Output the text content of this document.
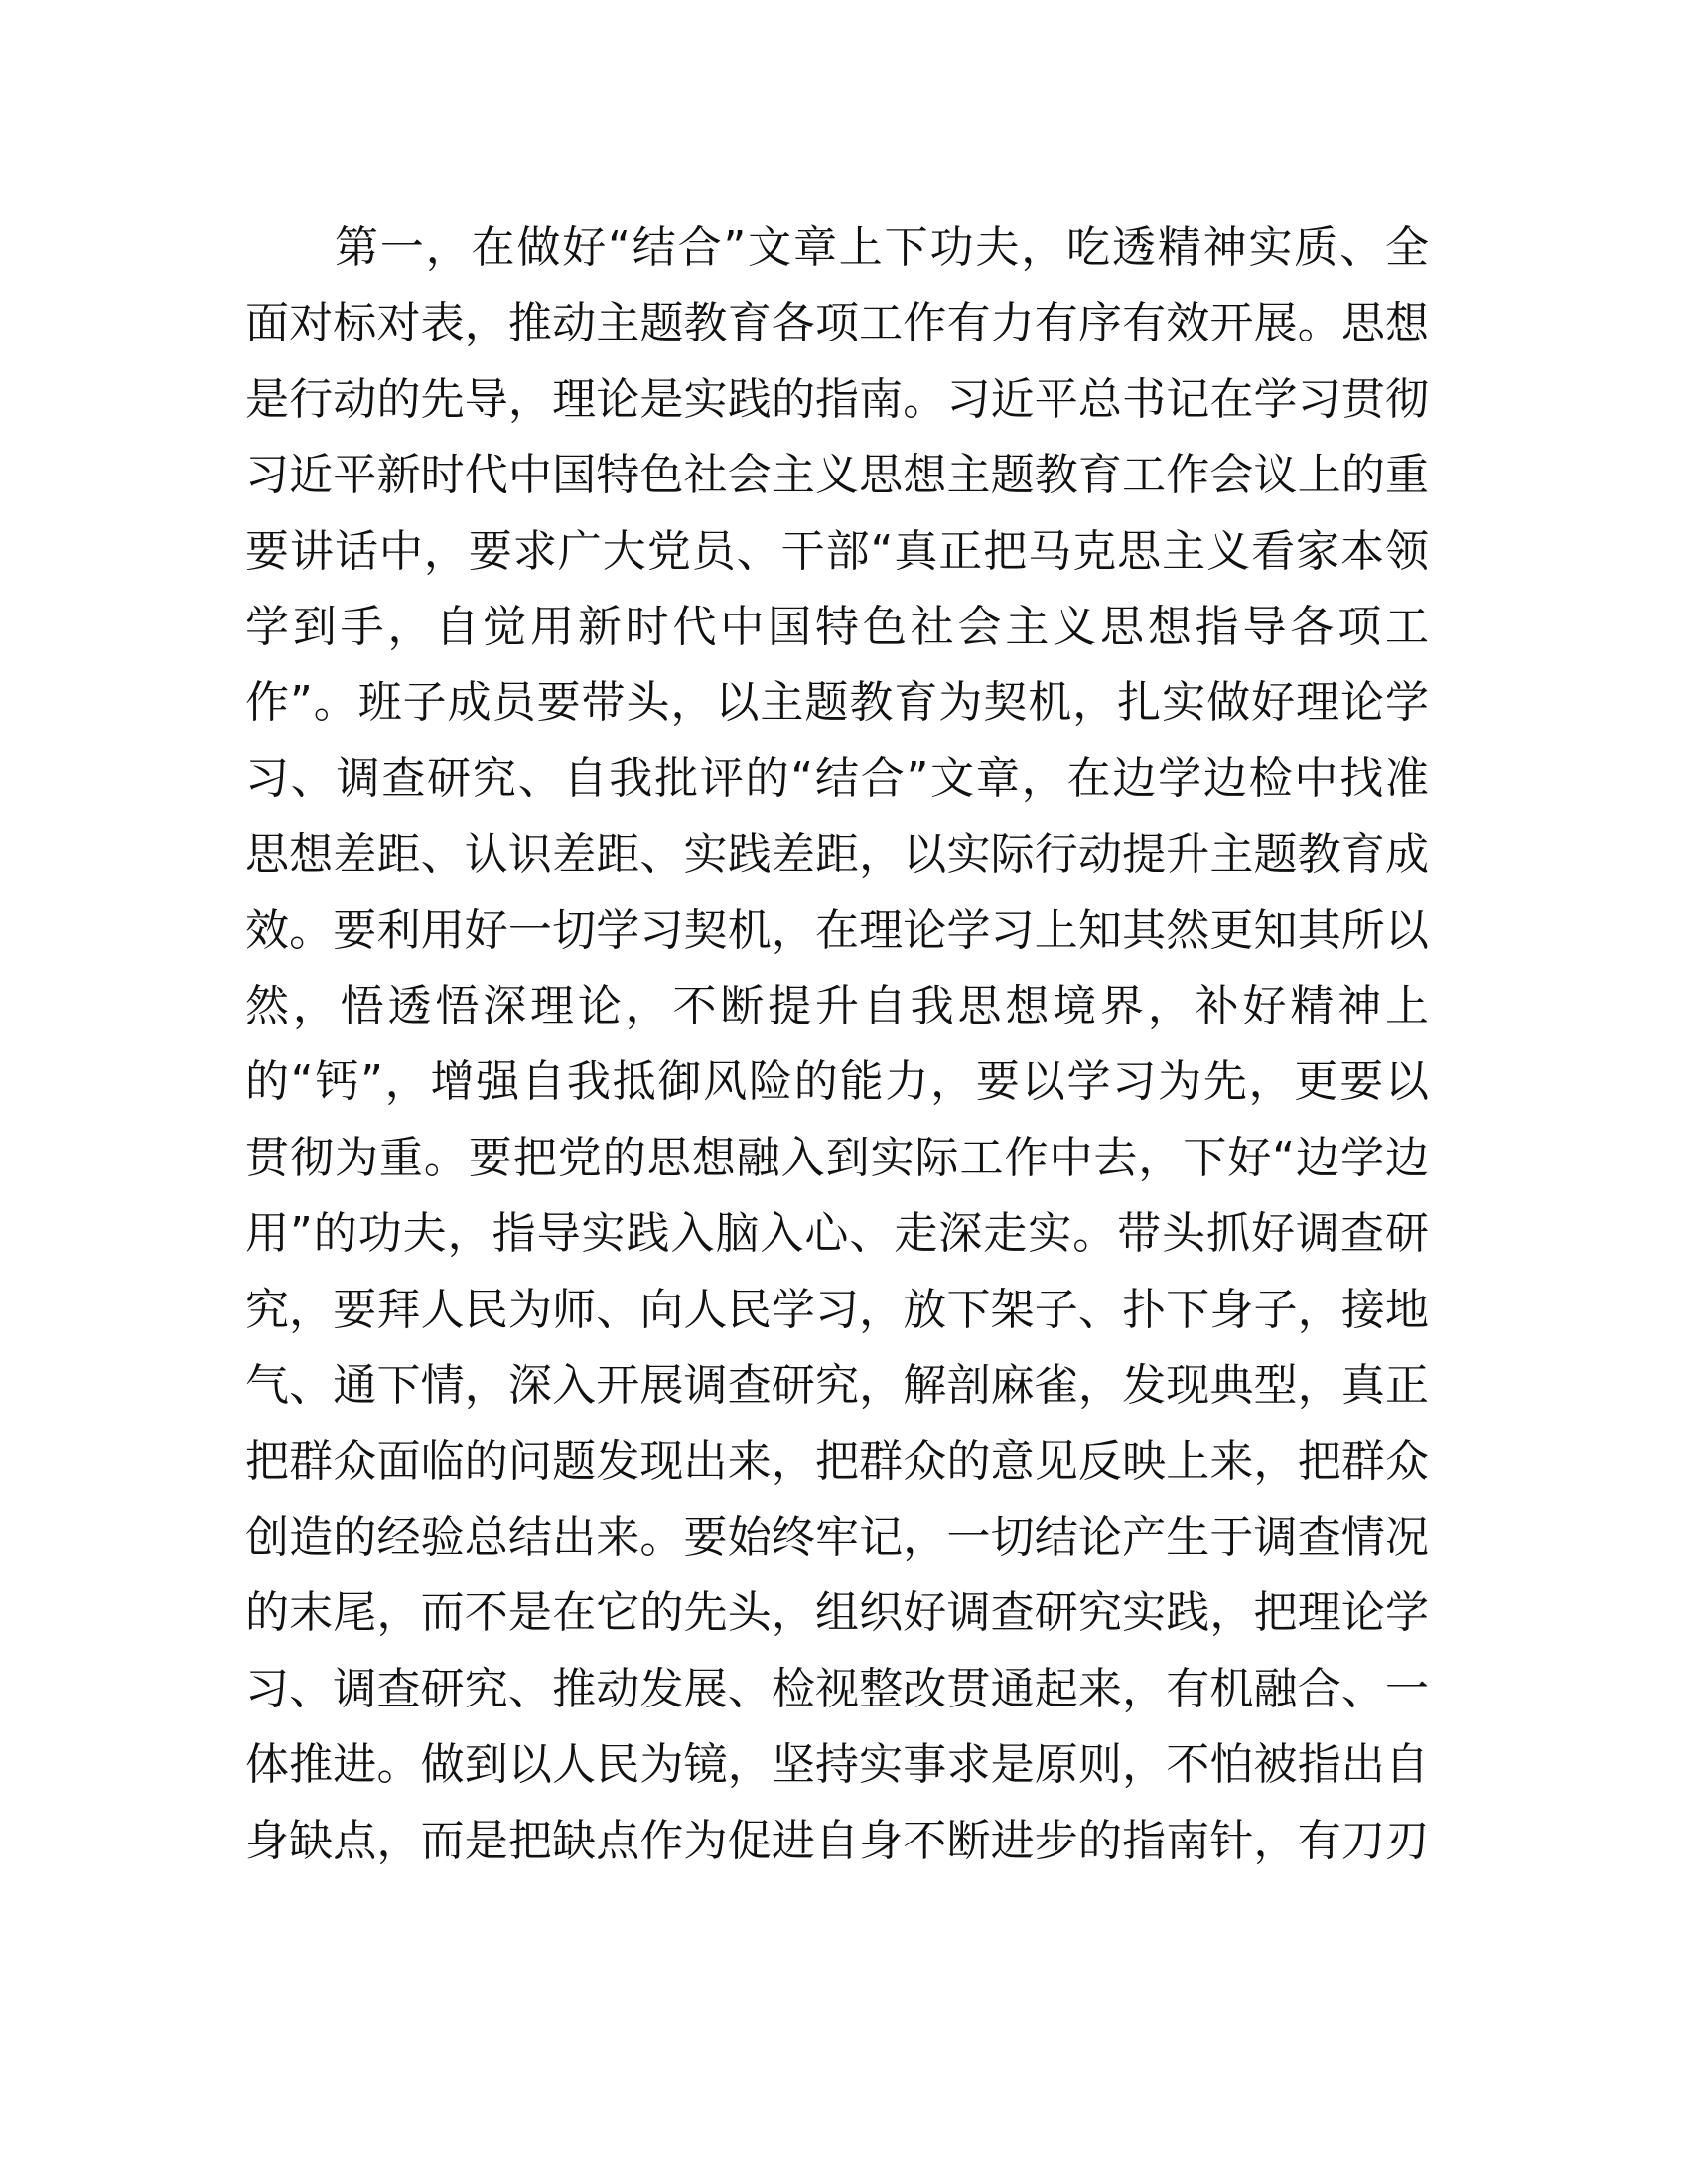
第一，在做好“结合”文章上下功夫，吃透精神实质、全
面对标对表，推动主题教育各项工作有力有序有效开展。思想
是行动的先导，理论是实践的指南。习近平总书记在学习贯彻
习近平新时代中国特色社会主义思想主题教育工作会议上的重
要讲话中，要求广大党员、干部“真正把马克思主义看家本领
学到手，自觉用新时代中国特色社会主义思想指导各项工
作”。班子成员要带头，以主题教育为契机，扎实做好理论学
习、调查研究、自我批评的“结合”文章，在边学边检中找准
思想差距、认识差距、实践差距，以实际行动提升主题教育成
效。要利用好一切学习契机，在理论学习上知其然更知其所以
然，悟透悟深理论，不断提升自我思想境界，补好精神上
的“钙”，增强自我抵御风险的能力，要以学习为先，更要以
贯彻为重。要把党的思想融入到实际工作中去，下好“边学边
用”的功夫，指导实践入脑入心、走深走实。带头抓好调查研
究，要拜人民为师、向人民学习，放下架子、扑下身子，接地
气、通下情，深入开展调查研究，解剖麻雀，发现典型，真正
把群众面临的问题发现出来，把群众的意见反映上来，把群众
创造的经验总结出来。要始终牢记，一切结论产生于调查情况
的末尾，而不是在它的先头，组织好调查研究实践，把理论学
习、调查研究、推动发展、检视整改贯通起来，有机融合、一
体推进。做到以人民为镜，坚持实事求是原则，不怕被指出自
身缺点，而是把缺点作为促进自身不断进步的指南针，有刀刃
